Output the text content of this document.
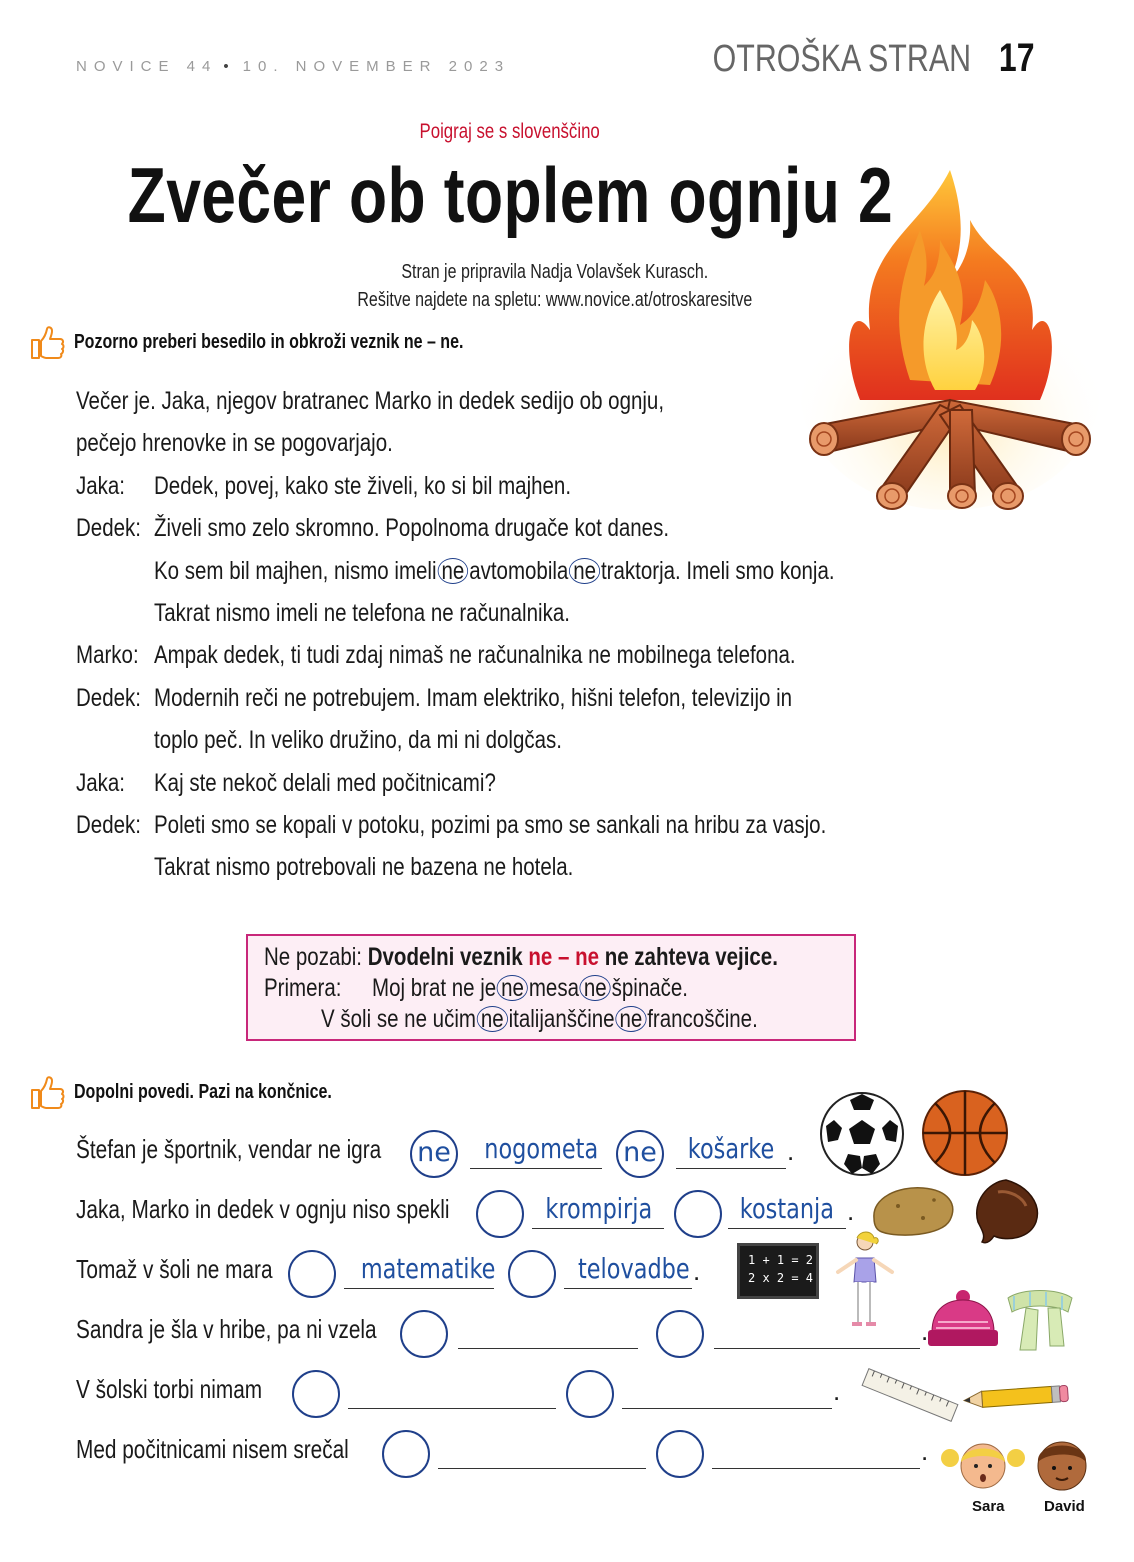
NOVICE 44 • 10. NOVEMBER 2023	OTROŠKA STRAN 17
Poigraj se s slovenščino
Zvečer ob toplem ognju 2
Stran je pripravila Nadja Volavšek Kurasch.
Rešitve najdete na spletu: www.novice.at/otroskaresitve
Pozorno preberi besedilo in obkroži veznik ne – ne.
Večer je. Jaka, njegov bratranec Marko in dedek sedijo ob ognju,
pečejo hrenovke in se pogovarjajo.
Jaka:	Dedek, povej, kako ste živeli, ko si bil majhen.
Dedek: Živeli smo zelo skromno. Popolnoma drugače kot danes.
Ko sem bil majhen, nismo imeli ne avtomobila ne traktorja. Imeli smo konja.
Takrat nismo imeli ne telefona ne računalnika.
Marko: Ampak dedek, ti tudi zdaj nimaš ne računalnika ne mobilnega telefona.
Dedek: Modernih reči ne potrebujem. Imam elektriko, hišni telefon, televizijo in
toplo peč. In veliko družino, da mi ni dolgčas.
Jaka:	Kaj ste nekoč delali med počitnicami?
Dedek: Poleti smo se kopali v potoku, pozimi pa smo se sankali na hribu za vasjo.
Takrat nismo potrebovali ne bazena ne hotela.
Ne pozabi: Dvodelni veznik ne – ne ne zahteva vejice.
Primera:	Moj brat ne je ne mesa ne špinače.
V šoli se ne učim ne italijanščine ne francoščine.
Dopolni povedi. Pazi na končnice.
Štefan je športnik, vendar ne igra ne	nogometa ne	košarke .
Jaka, Marko in dedek v ognju niso spekli	krompirja	kostanja .
Tomaž v šoli ne mara	matematike	telovadbe .
Sandra je šla v hribe, pa ni vzela	.
V šolski torbi nimam	.
Med počitnicami nisem srečal	.
1 + 1 = 2
2 x 2 = 4
Sara	David
